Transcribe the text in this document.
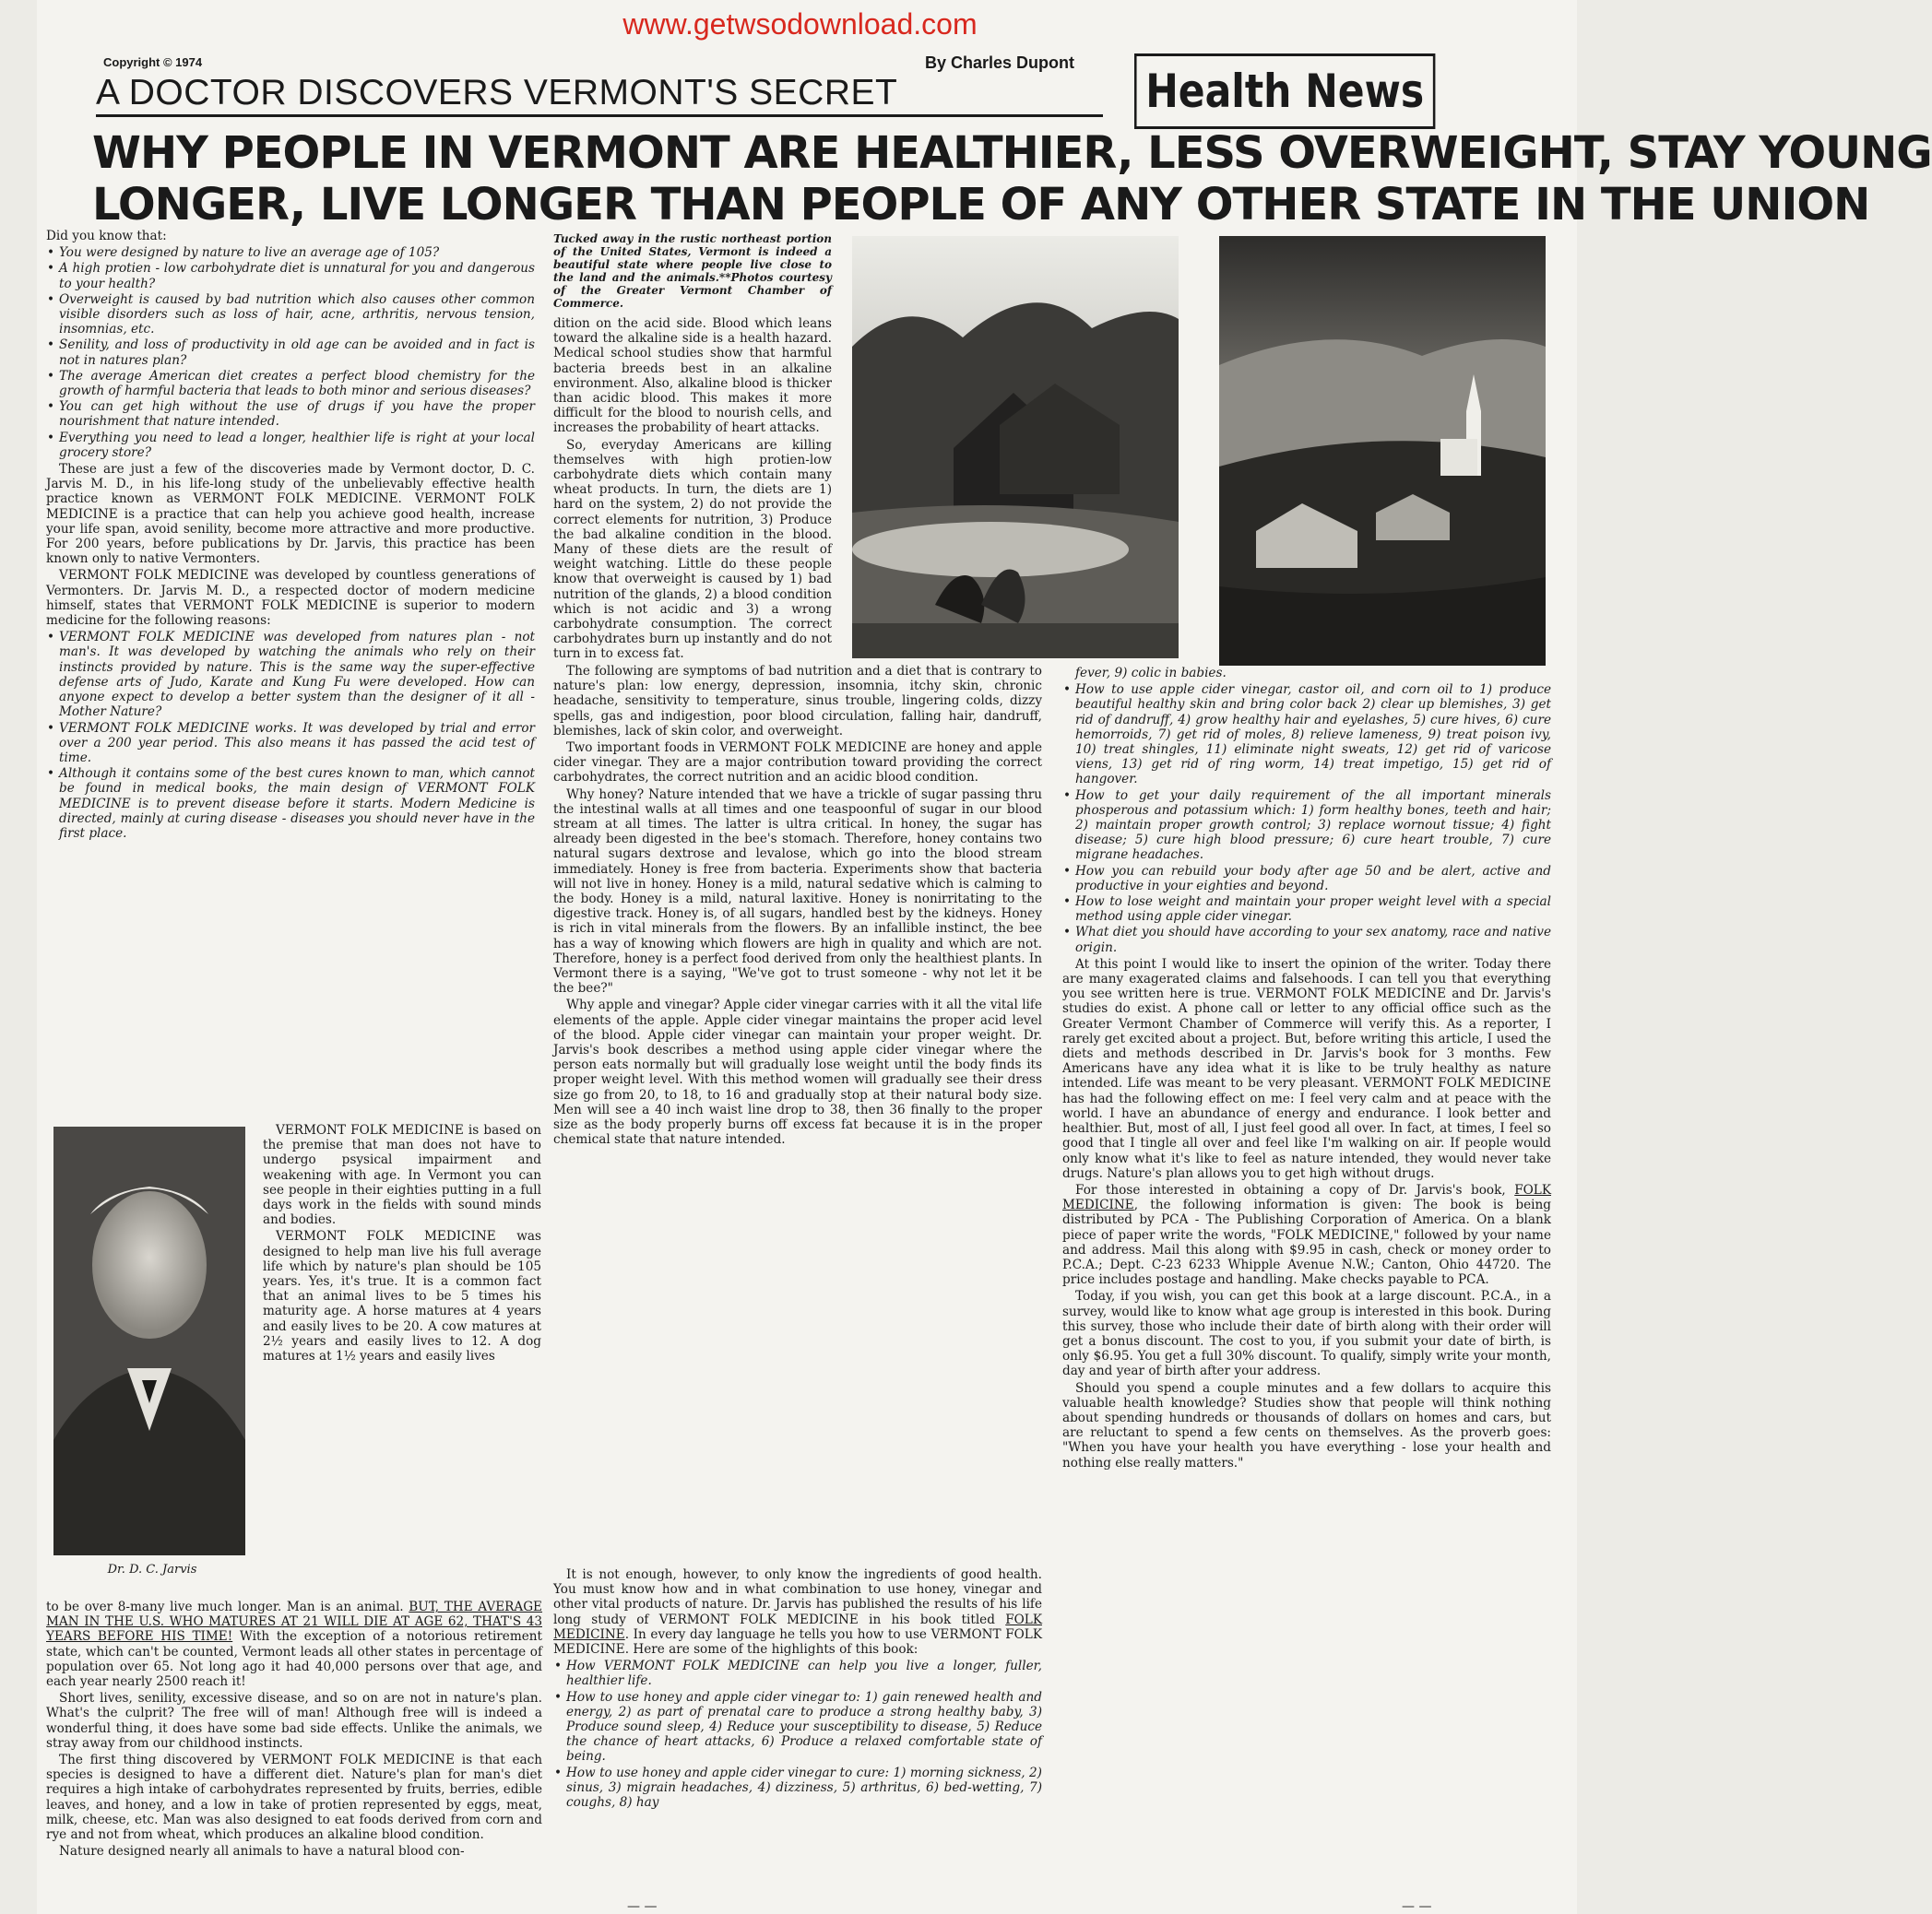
www.getwsodownload.com
Copyright © 1974	By Charles Dupont
A DOCTOR DISCOVERS VERMONT'S SECRET	Health News
WHY PEOPLE IN VERMONT ARE HEALTHIER, LESS OVERWEIGHT, STAY YOUNG
LONGER, LIVE LONGER THAN PEOPLE OF ANY OTHER STATE IN THE UNION

Did you know that:

• You were designed by nature to live an average age of 105?
• A high protien - low carbohydrate diet is unnatural for you and dangerous to your health?
• Overweight is caused by bad nutrition which also causes other common visible disorders such as loss of hair, acne, arthritis, nervous tension, insomnias, etc.
• Senility, and loss of productivity in old age can be avoided and in fact is not in natures plan?
• The average American diet creates a perfect blood chemistry for the growth of harmful bacteria that leads to both minor and serious diseases?
• You can get high without the use of drugs if you have the proper nourishment that nature intended.
• Everything you need to lead a longer, healthier life is right at your local grocery store?

These are just a few of the discoveries made by Vermont doctor, D. C. Jarvis M. D., in his life-long study of the unbelievably effective health practice known as VERMONT FOLK MEDICINE. VERMONT FOLK MEDICINE is a practice that can help you achieve good health, increase your life span, avoid senility, become more attractive and more productive. For 200 years, before publications by Dr. Jarvis, this practice has been known only to native Vermonters.

VERMONT FOLK MEDICINE was developed by countless generations of Vermonters. Dr. Jarvis M. D., a respected doctor of modern medicine himself, states that VERMONT FOLK MEDICINE is superior to modern medicine for the following reasons:

• VERMONT FOLK MEDICINE was developed from natures plan - not man's. It was developed by watching the animals who rely on their instincts provided by nature. This is the same way the super-effective defense arts of Judo, Karate and Kung Fu were developed. How can anyone expect to develop a better system than the designer of it all - Mother Nature?
• VERMONT FOLK MEDICINE works. It was developed by trial and error over a 200 year period. This also means it has passed the acid test of time.
• Although it contains some of the best cures known to man, which cannot be found in medical books, the main design of VERMONT FOLK MEDICINE is to prevent disease before it starts. Modern Medicine is directed, mainly at curing disease - diseases you should never have in the first place.
Dr. D. C. Jarvis

VERMONT FOLK MEDICINE is based on the premise that man does not have to undergo psysical impairment and weakening with age. In Vermont you can see people in their eighties putting in a full days work in the fields with sound minds and bodies.

VERMONT FOLK MEDICINE was designed to help man live his full average life which by nature's plan should be 105 years. Yes, it's true. It is a common fact that an animal lives to be 5 times his maturity age. A horse matures at 4 years and easily lives to be 20. A cow matures at 2½ years and easily lives to 12. A dog matures at 1½ years and easily lives

to be over 8-many live much longer. Man is an animal. BUT, THE AVERAGE MAN IN THE U.S. WHO MATURES AT 21 WILL DIE AT AGE 62, THAT'S 43 YEARS BEFORE HIS TIME! With the exception of a notorious retirement state, which can't be counted, Vermont leads all other states in percentage of population over 65. Not long ago it had 40,000 persons over that age, and each year nearly 2500 reach it!

Short lives, senility, excessive disease, and so on are not in nature's plan. What's the culprit? The free will of man! Although free will is indeed a wonderful thing, it does have some bad side effects. Unlike the animals, we stray away from our childhood instincts.

The first thing discovered by VERMONT FOLK MEDICINE is that each species is designed to have a different diet. Nature's plan for man's diet requires a high intake of carbohydrates represented by fruits, berries, edible leaves, and honey, and a low in take of protien represented by eggs, meat, milk, cheese, etc. Man was also designed to eat foods derived from corn and rye and not from wheat, which produces an alkaline blood condition.

Nature designed nearly all animals to have a natural blood con-

Tucked away in the rustic northeast portion of the United States, Vermont is indeed a beautiful state where people live close to the land and the animals.**Photos courtesy of the Greater Vermont Chamber of Commerce.

dition on the acid side. Blood which leans toward the alkaline side is a health hazard. Medical school studies show that harmful bacteria breeds best in an alkaline environment. Also, alkaline blood is thicker than acidic blood. This makes it more difficult for the blood to nourish cells, and increases the probability of heart attacks.

So, everyday Americans are killing themselves with high protien-low carbohydrate diets which contain many wheat products. In turn, the diets are 1) hard on the system, 2) do not provide the correct elements for nutrition, 3) Produce the bad alkaline condition in the blood. Many of these diets are the result of weight watching. Little do these people know that overweight is caused by 1) bad nutrition of the glands, 2) a blood condition which is not acidic and 3) a wrong carbohydrate consumption. The correct carbohydrates burn up instantly and do not turn in to excess fat.

The following are symptoms of bad nutrition and a diet that is contrary to nature's plan: low energy, depression, insomnia, itchy skin, chronic headache, sensitivity to temperature, sinus trouble, lingering colds, dizzy spells, gas and indigestion, poor blood circulation, falling hair, dandruff, blemishes, lack of skin color, and overweight.

Two important foods in VERMONT FOLK MEDICINE are honey and apple cider vinegar. They are a major contribution toward providing the correct carbohydrates, the correct nutrition and an acidic blood condition.

Why honey? Nature intended that we have a trickle of sugar passing thru the intestinal walls at all times and one teaspoonful of sugar in our blood stream at all times. The latter is ultra critical. In honey, the sugar has already been digested in the bee's stomach. Therefore, honey contains two natural sugars dextrose and levalose, which go into the blood stream immediately. Honey is free from bacteria. Experiments show that bacteria will not live in honey. Honey is a mild, natural sedative which is calming to the body. Honey is a mild, natural laxitive. Honey is nonirritating to the digestive track. Honey is, of all sugars, handled best by the kidneys. Honey is rich in vital minerals from the flowers. By an infallible instinct, the bee has a way of knowing which flowers are high in quality and which are not. Therefore, honey is a perfect food derived from only the healthiest plants. In Vermont there is a saying, "We've got to trust someone - why not let it be the bee?"

Why apple and vinegar? Apple cider vinegar carries with it all the vital life elements of the apple. Apple cider vinegar maintains the proper acid level of the blood. Apple cider vinegar can maintain your proper weight. Dr. Jarvis's book describes a method using apple cider vinegar where the person eats normally but will gradually lose weight until the body finds its proper weight level. With this method women will gradually see their dress size go from 20, to 18, to 16 and gradually stop at their natural body size. Men will see a 40 inch waist line drop to 38, then 36 finally to the proper size as the body properly burns off excess fat because it is in the proper chemical state that nature intended.

It is not enough, however, to only know the ingredients of good health. You must know how and in what combination to use honey, vinegar and other vital products of nature. Dr. Jarvis has published the results of his life long study of VERMONT FOLK MEDICINE in his book titled FOLK MEDICINE. In every day language he tells you how to use VERMONT FOLK MEDICINE. Here are some of the highlights of this book:

• How VERMONT FOLK MEDICINE can help you live a longer, fuller, healthier life.
• How to use honey and apple cider vinegar to: 1) gain renewed health and energy, 2) as part of prenatal care to produce a strong healthy baby, 3) Produce sound sleep, 4) Reduce your susceptibility to disease, 5) Reduce the chance of heart attacks, 6) Produce a relaxed comfortable state of being.
• How to use honey and apple cider vinegar to cure: 1) morning sickness, 2) sinus, 3) migrain headaches, 4) dizziness, 5) arthritus, 6) bed-wetting, 7) coughs, 8) hay

fever, 9) colic in babies.

• How to use apple cider vinegar, castor oil, and corn oil to 1) produce beautiful healthy skin and bring color back 2) clear up blemishes, 3) get rid of dandruff, 4) grow healthy hair and eyelashes, 5) cure hives, 6) cure hemorroids, 7) get rid of moles, 8) relieve lameness, 9) treat poison ivy, 10) treat shingles, 11) eliminate night sweats, 12) get rid of varicose viens, 13) get rid of ring worm, 14) treat impetigo, 15) get rid of hangover.
• How to get your daily requirement of the all important minerals phosperous and potassium which: 1) form healthy bones, teeth and hair; 2) maintain proper growth control; 3) replace wornout tissue; 4) fight disease; 5) cure high blood pressure; 6) cure heart trouble, 7) cure migrane headaches.
• How you can rebuild your body after age 50 and be alert, active and productive in your eighties and beyond.
• How to lose weight and maintain your proper weight level with a special method using apple cider vinegar.
• What diet you should have according to your sex anatomy, race and native origin.

At this point I would like to insert the opinion of the writer. Today there are many exagerated claims and falsehoods. I can tell you that everything you see written here is true. VERMONT FOLK MEDICINE and Dr. Jarvis's studies do exist. A phone call or letter to any official office such as the Greater Vermont Chamber of Commerce will verify this. As a reporter, I rarely get excited about a project. But, before writing this article, I used the diets and methods described in Dr. Jarvis's book for 3 months. Few Americans have any idea what it is like to be truly healthy as nature intended. Life was meant to be very pleasant. VERMONT FOLK MEDICINE has had the following effect on me: I feel very calm and at peace with the world. I have an abundance of energy and endurance. I look better and healthier. But, most of all, I just feel good all over. In fact, at times, I feel so good that I tingle all over and feel like I'm walking on air. If people would only know what it's like to feel as nature intended, they would never take drugs. Nature's plan allows you to get high without drugs.

For those interested in obtaining a copy of Dr. Jarvis's book, FOLK MEDICINE, the following information is given: The book is being distributed by PCA - The Publishing Corporation of America. On a blank piece of paper write the words, "FOLK MEDICINE," followed by your name and address. Mail this along with $9.95 in cash, check or money order to P.C.A.; Dept. C-23 6233 Whipple Avenue N.W.; Canton, Ohio 44720. The price includes postage and handling. Make checks payable to PCA.

Today, if you wish, you can get this book at a large discount. P.C.A., in a survey, would like to know what age group is interested in this book. During this survey, those who include their date of birth along with their order will get a bonus discount. The cost to you, if you submit your date of birth, is only $6.95. You get a full 30% discount. To qualify, simply write your month, day and year of birth after your address.

Should you spend a couple minutes and a few dollars to acquire this valuable health knowledge? Studies show that people will think nothing about spending hundreds or thousands of dollars on homes and cars, but are reluctant to spend a few cents on themselves. As the proverb goes: "When you have your health you have everything - lose your health and nothing else really matters."

— —	— —
